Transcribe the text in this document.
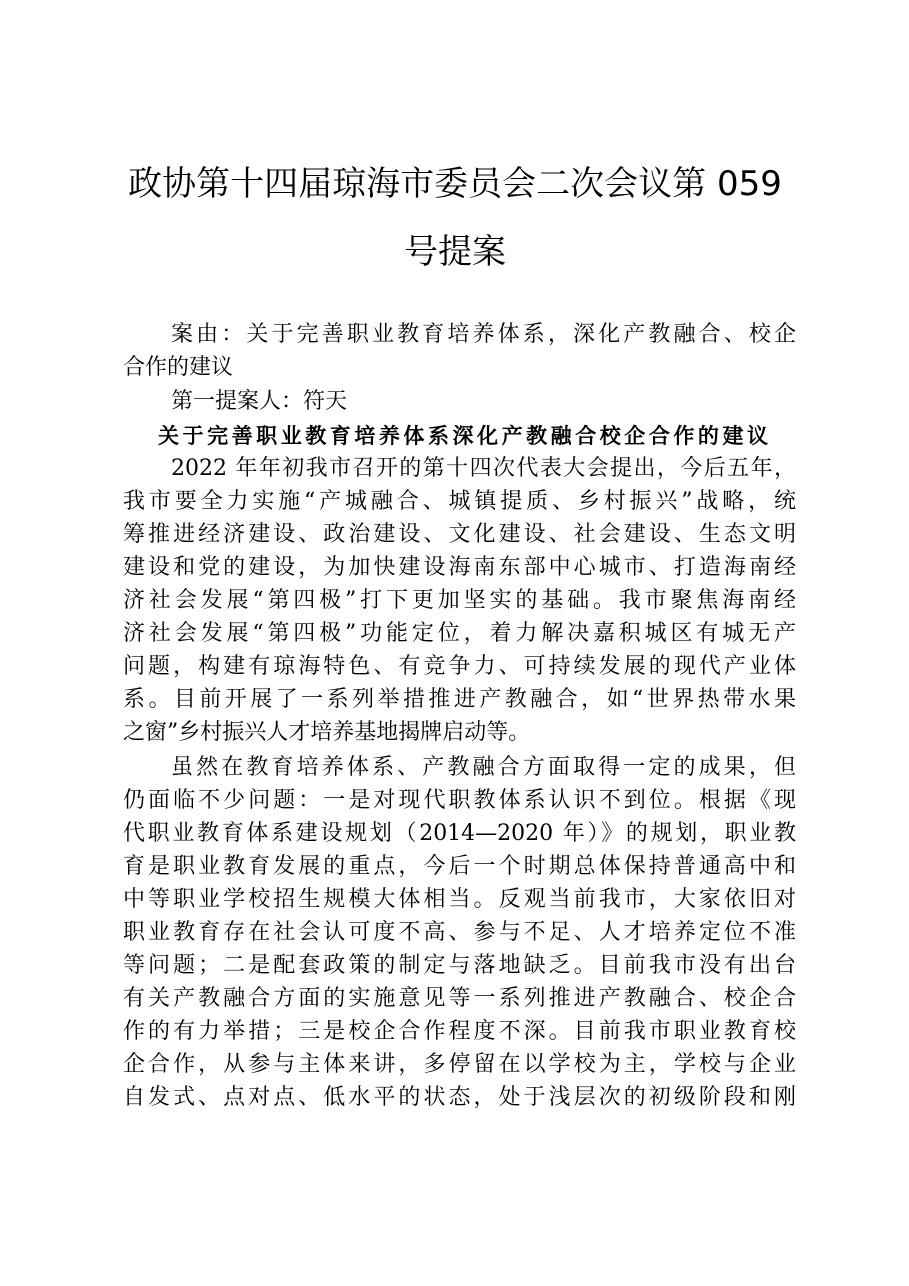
政协第十四届琼海市委员会二次会议第 059
号提案
案由：关于完善职业教育培养体系，深化产教融合、校企
合作的建议
第一提案人：符天
关于完善职业教育培养体系深化产教融合校企合作的建议
2022 年年初我市召开的第十四次代表大会提出，今后五年，
我市要全力实施“产城融合、城镇提质、乡村振兴”战略，统
筹推进经济建设、政治建设、文化建设、社会建设、生态文明
建设和党的建设，为加快建设海南东部中心城市、打造海南经
济社会发展“第四极”打下更加坚实的基础。我市聚焦海南经
济社会发展“第四极”功能定位，着力解决嘉积城区有城无产
问题，构建有琼海特色、有竞争力、可持续发展的现代产业体
系。目前开展了一系列举措推进产教融合，如“世界热带水果
之窗”乡村振兴人才培养基地揭牌启动等。
虽然在教育培养体系、产教融合方面取得一定的成果，但
仍面临不少问题：一是对现代职教体系认识不到位。根据《现
代职业教育体系建设规划（2014—2020 年）》的规划，职业教
育是职业教育发展的重点，今后一个时期总体保持普通高中和
中等职业学校招生规模大体相当。反观当前我市，大家依旧对
职业教育存在社会认可度不高、参与不足、人才培养定位不准
等问题；二是配套政策的制定与落地缺乏。目前我市没有出台
有关产教融合方面的实施意见等一系列推进产教融合、校企合
作的有力举措；三是校企合作程度不深。目前我市职业教育校
企合作，从参与主体来讲，多停留在以学校为主，学校与企业
自发式、点对点、低水平的状态，处于浅层次的初级阶段和刚
